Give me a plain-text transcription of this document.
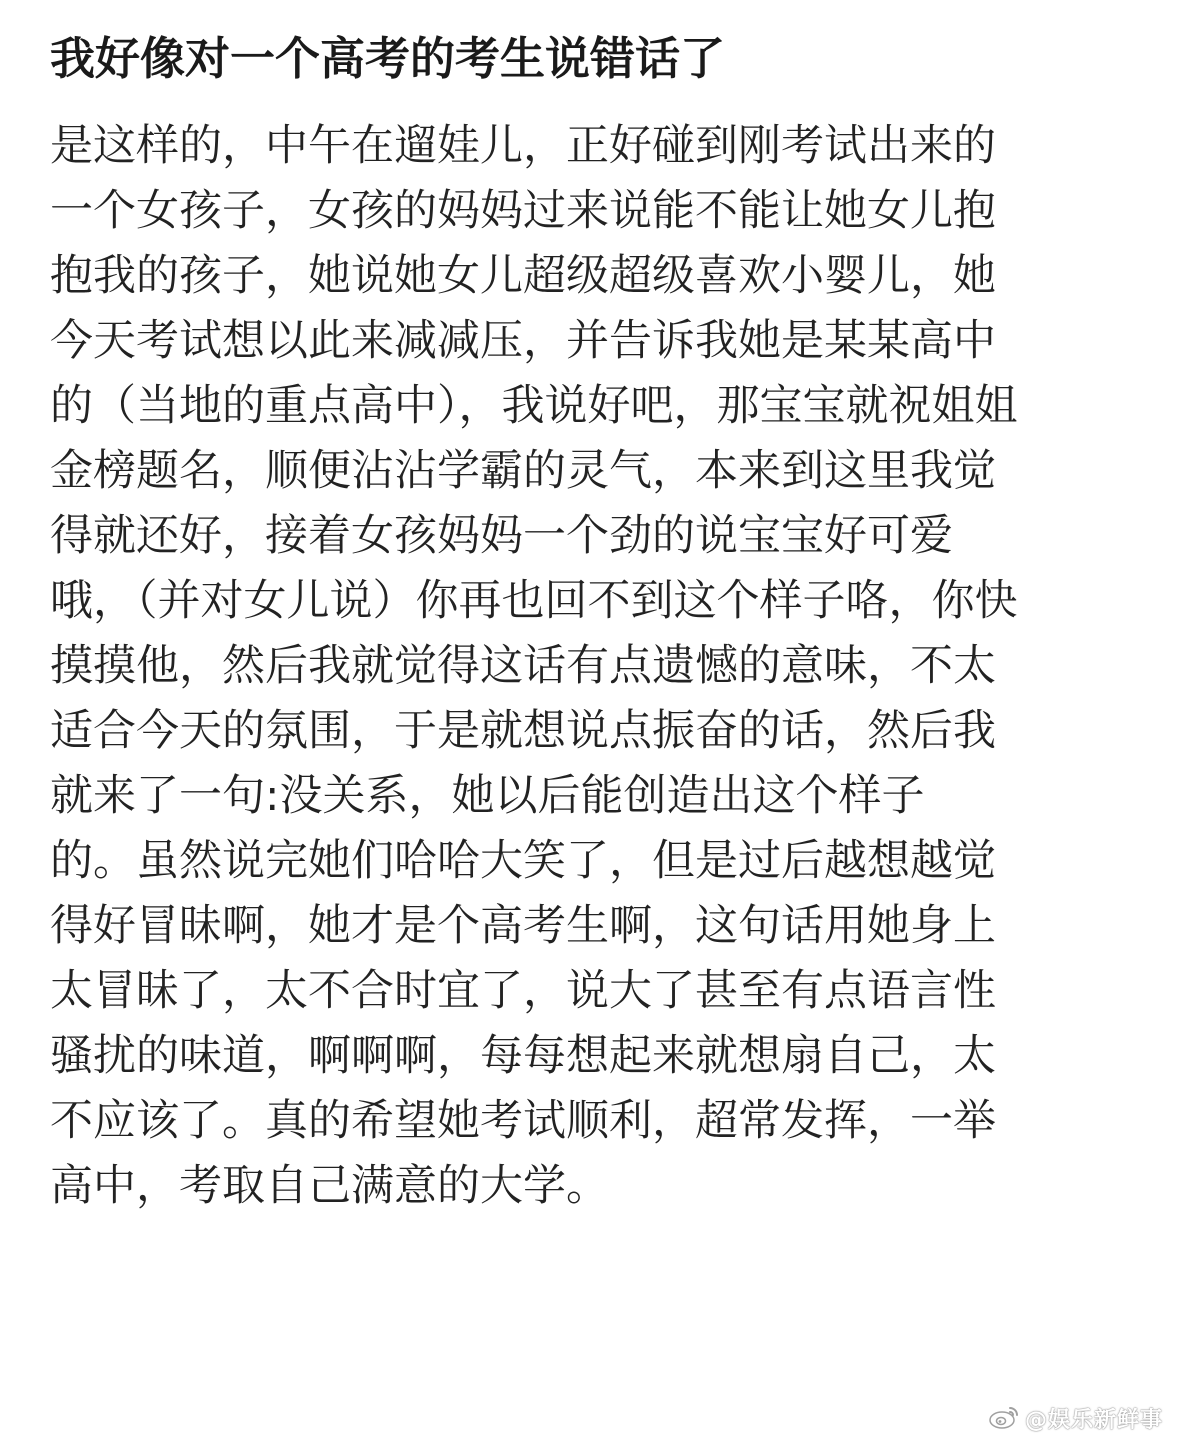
我好像对一个高考的考生说错话了
是这样的，中午在遛娃儿，正好碰到刚考试出来的
一个女孩子，女孩的妈妈过来说能不能让她女儿抱
抱我的孩子，她说她女儿超级超级喜欢小婴儿，她
今天考试想以此来减减压，并告诉我她是某某高中
的（当地的重点高中），我说好吧，那宝宝就祝姐姐
金榜题名，顺便沾沾学霸的灵气，本来到这里我觉
得就还好，接着女孩妈妈一个劲的说宝宝好可爱
哦，（并对女儿说）你再也回不到这个样子咯，你快
摸摸他，然后我就觉得这话有点遗憾的意味，不太
适合今天的氛围，于是就想说点振奋的话，然后我
就来了一句:没关系，她以后能创造出这个样子
的。虽然说完她们哈哈大笑了，但是过后越想越觉
得好冒昧啊，她才是个高考生啊，这句话用她身上
太冒昧了，太不合时宜了，说大了甚至有点语言性
骚扰的味道，啊啊啊，每每想起来就想扇自己，太
不应该了。真的希望她考试顺利，超常发挥，一举
高中，考取自己满意的大学。
@娱乐新鲜事
